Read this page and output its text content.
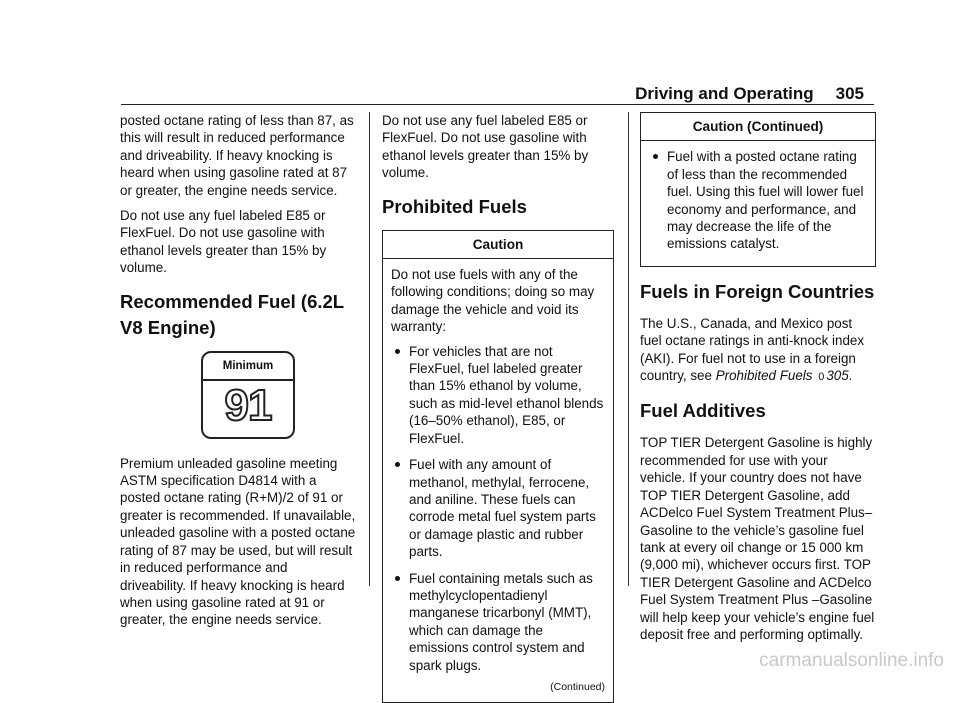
Driving and Operating 305

posted octane rating of less than 87, as this will result in reduced performance and driveability. If heavy knocking is heard when using gasoline rated at 87 or greater, the engine needs service.

Do not use any fuel labeled E85 or FlexFuel. Do not use gasoline with ethanol levels greater than 15% by volume.

Recommended Fuel (6.2L
V8 Engine)
Minimum
91

Premium unleaded gasoline meeting ASTM specification D4814 with a posted octane rating (R+M)/2 of 91 or greater is recommended. If unavailable, unleaded gasoline with a posted octane rating of 87 may be used, but will result in reduced performance and driveability. If heavy knocking is heard when using gasoline rated at 91 or greater, the engine needs service.

Do not use any fuel labeled E85 or FlexFuel. Do not use gasoline with ethanol levels greater than 15% by volume.

Prohibited Fuels
Caution

Do not use fuels with any of the following conditions; doing so may damage the vehicle and void its warranty:

For vehicles that are not FlexFuel, fuel labeled greater than 15% ethanol by volume, such as mid-level ethanol blends (16–50% ethanol), E85, or FlexFuel.
Fuel with any amount of methanol, methylal, ferrocene, and aniline. These fuels can corrode metal fuel system parts or damage plastic and rubber parts.
Fuel containing metals such as methylcyclopentadienyl manganese tricarbonyl (MMT), which can damage the emissions control system and spark plugs.
(Continued)
Caution (Continued)
Fuel with a posted octane rating of less than the recommended fuel. Using this fuel will lower fuel economy and performance, and may decrease the life of the emissions catalyst.
Fuels in Foreign Countries

The U.S., Canada, and Mexico post fuel octane ratings in anti-knock index (AKI). For fuel not to use in a foreign country, see Prohibited Fuels 0 305.

Fuel Additives

TOP TIER Detergent Gasoline is highly recommended for use with your vehicle. If your country does not have TOP TIER Detergent Gasoline, add ACDelco Fuel System Treatment Plus–Gasoline to the vehicle’s gasoline fuel tank at every oil change or 15 000 km (9,000 mi), whichever occurs first. TOP TIER Detergent Gasoline and ACDelco Fuel System Treatment Plus –Gasoline will help keep your vehicle’s engine fuel deposit free and performing optimally.

carmanualsonline.info
